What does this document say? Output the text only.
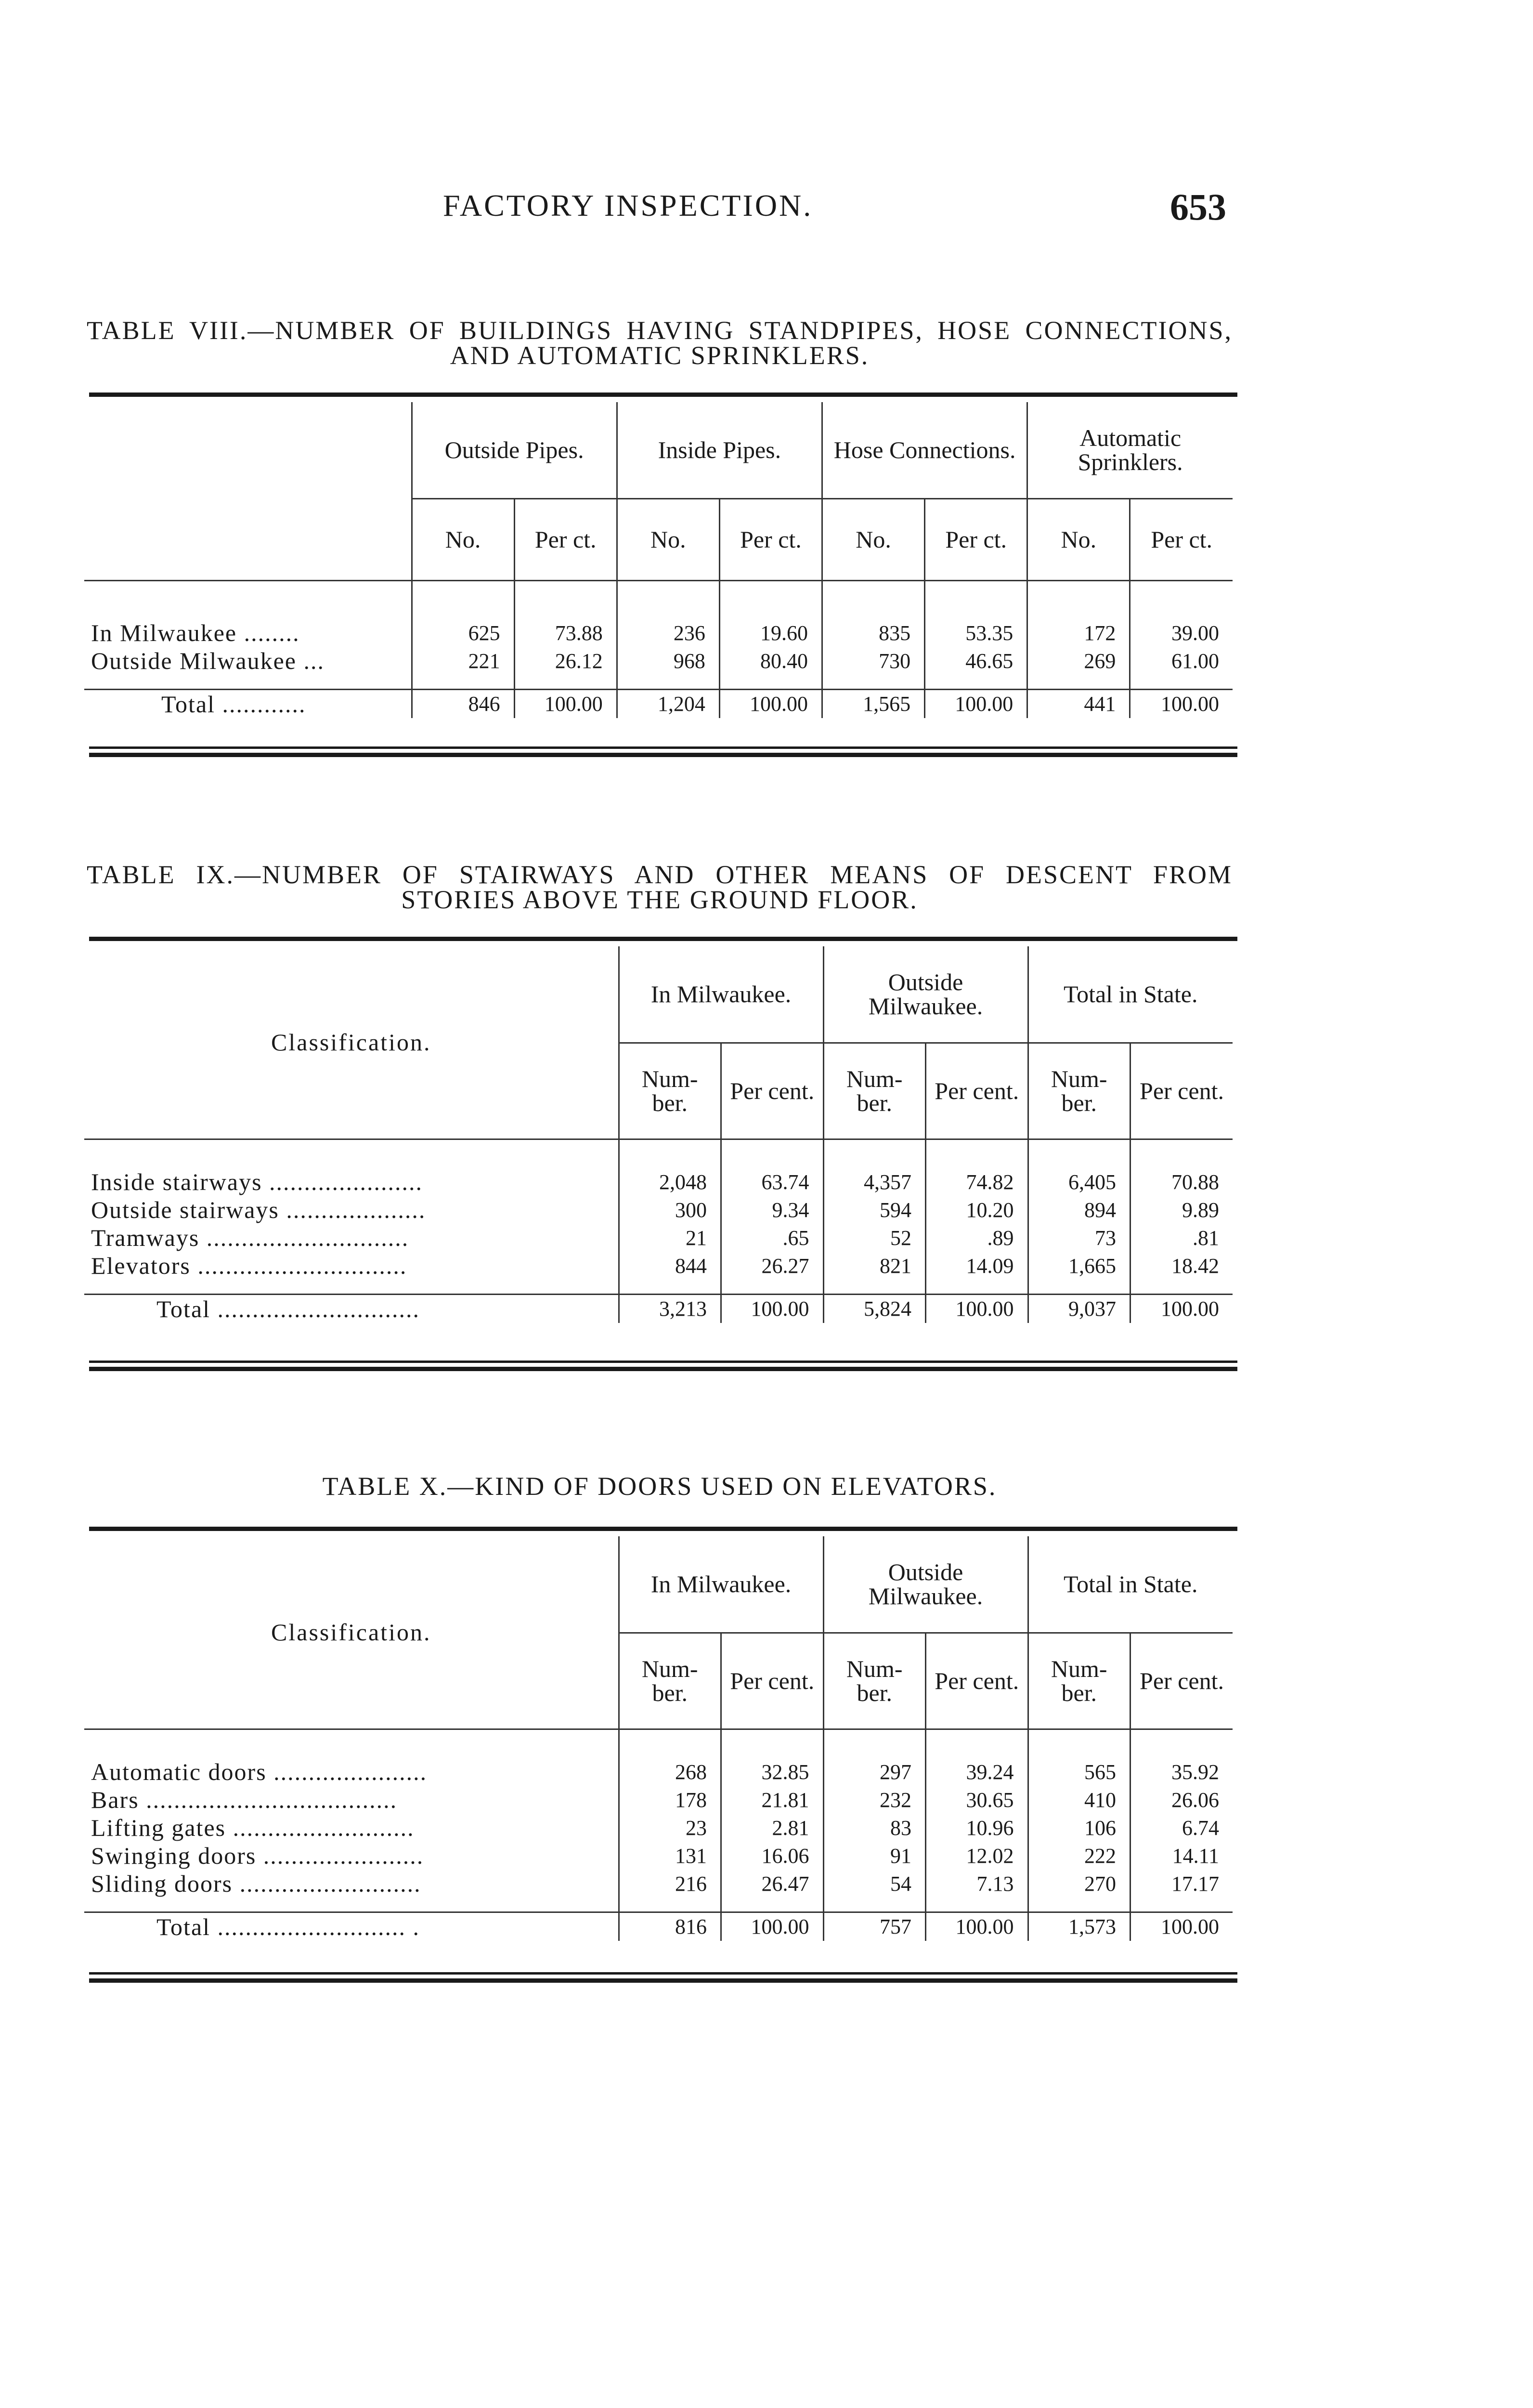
FACTORY INSPECTION.	653
TABLE VIII.—NUMBER OF BUILDINGS HAVING STANDPIPES, HOSE CONNECTIONS, AND AUTOMATIC SPRINKLERS.
	Outside Pipes.		Inside Pipes.		Hose Connections.		Automatic Sprinklers.	
	No.	Per ct.	No.	Per ct.	No.	Per ct.	No.	Per ct.

In Milwaukee ........	625	73.88	236	19.60	835	53.35	172	39.00
Outside Milwaukee ...	221	26.12	968	80.40	730	46.65	269	61.00

Total ............	846	100.00	1,204	100.00	1,565	100.00	441	100.00
TABLE IX.—NUMBER OF STAIRWAYS AND OTHER MEANS OF DESCENT FROM STORIES ABOVE THE GROUND FLOOR.
Classification.	In Milwaukee.		Outside Milwaukee.		Total in State.	
	Num-ber.	Per cent.	Num-ber.	Per cent.	Num-ber.	Per cent.

Inside stairways ......................	2,048	63.74	4,357	74.82	6,405	70.88
Outside stairways ....................	300	9.34	594	10.20	894	9.89
Tramways .............................	21	.65	52	.89	73	.81
Elevators ..............................	844	26.27	821	14.09	1,665	18.42

Total .............................	3,213	100.00	5,824	100.00	9,037	100.00
TABLE X.—KIND OF DOORS USED ON ELEVATORS.
Classification.	In Milwaukee.		Outside Milwaukee.		Total in State.	
	Num-ber.	Per cent.	Num-ber.	Per cent.	Num-ber.	Per cent.

Automatic doors ......................	268	32.85	297	39.24	565	35.92
Bars ....................................	178	21.81	232	30.65	410	26.06
Lifting gates ..........................	23	2.81	83	10.96	106	6.74
Swinging doors .......................	131	16.06	91	12.02	222	14.11
Sliding doors ..........................	216	26.47	54	7.13	270	17.17

Total ........................... .	816	100.00	757	100.00	1,573	100.00
